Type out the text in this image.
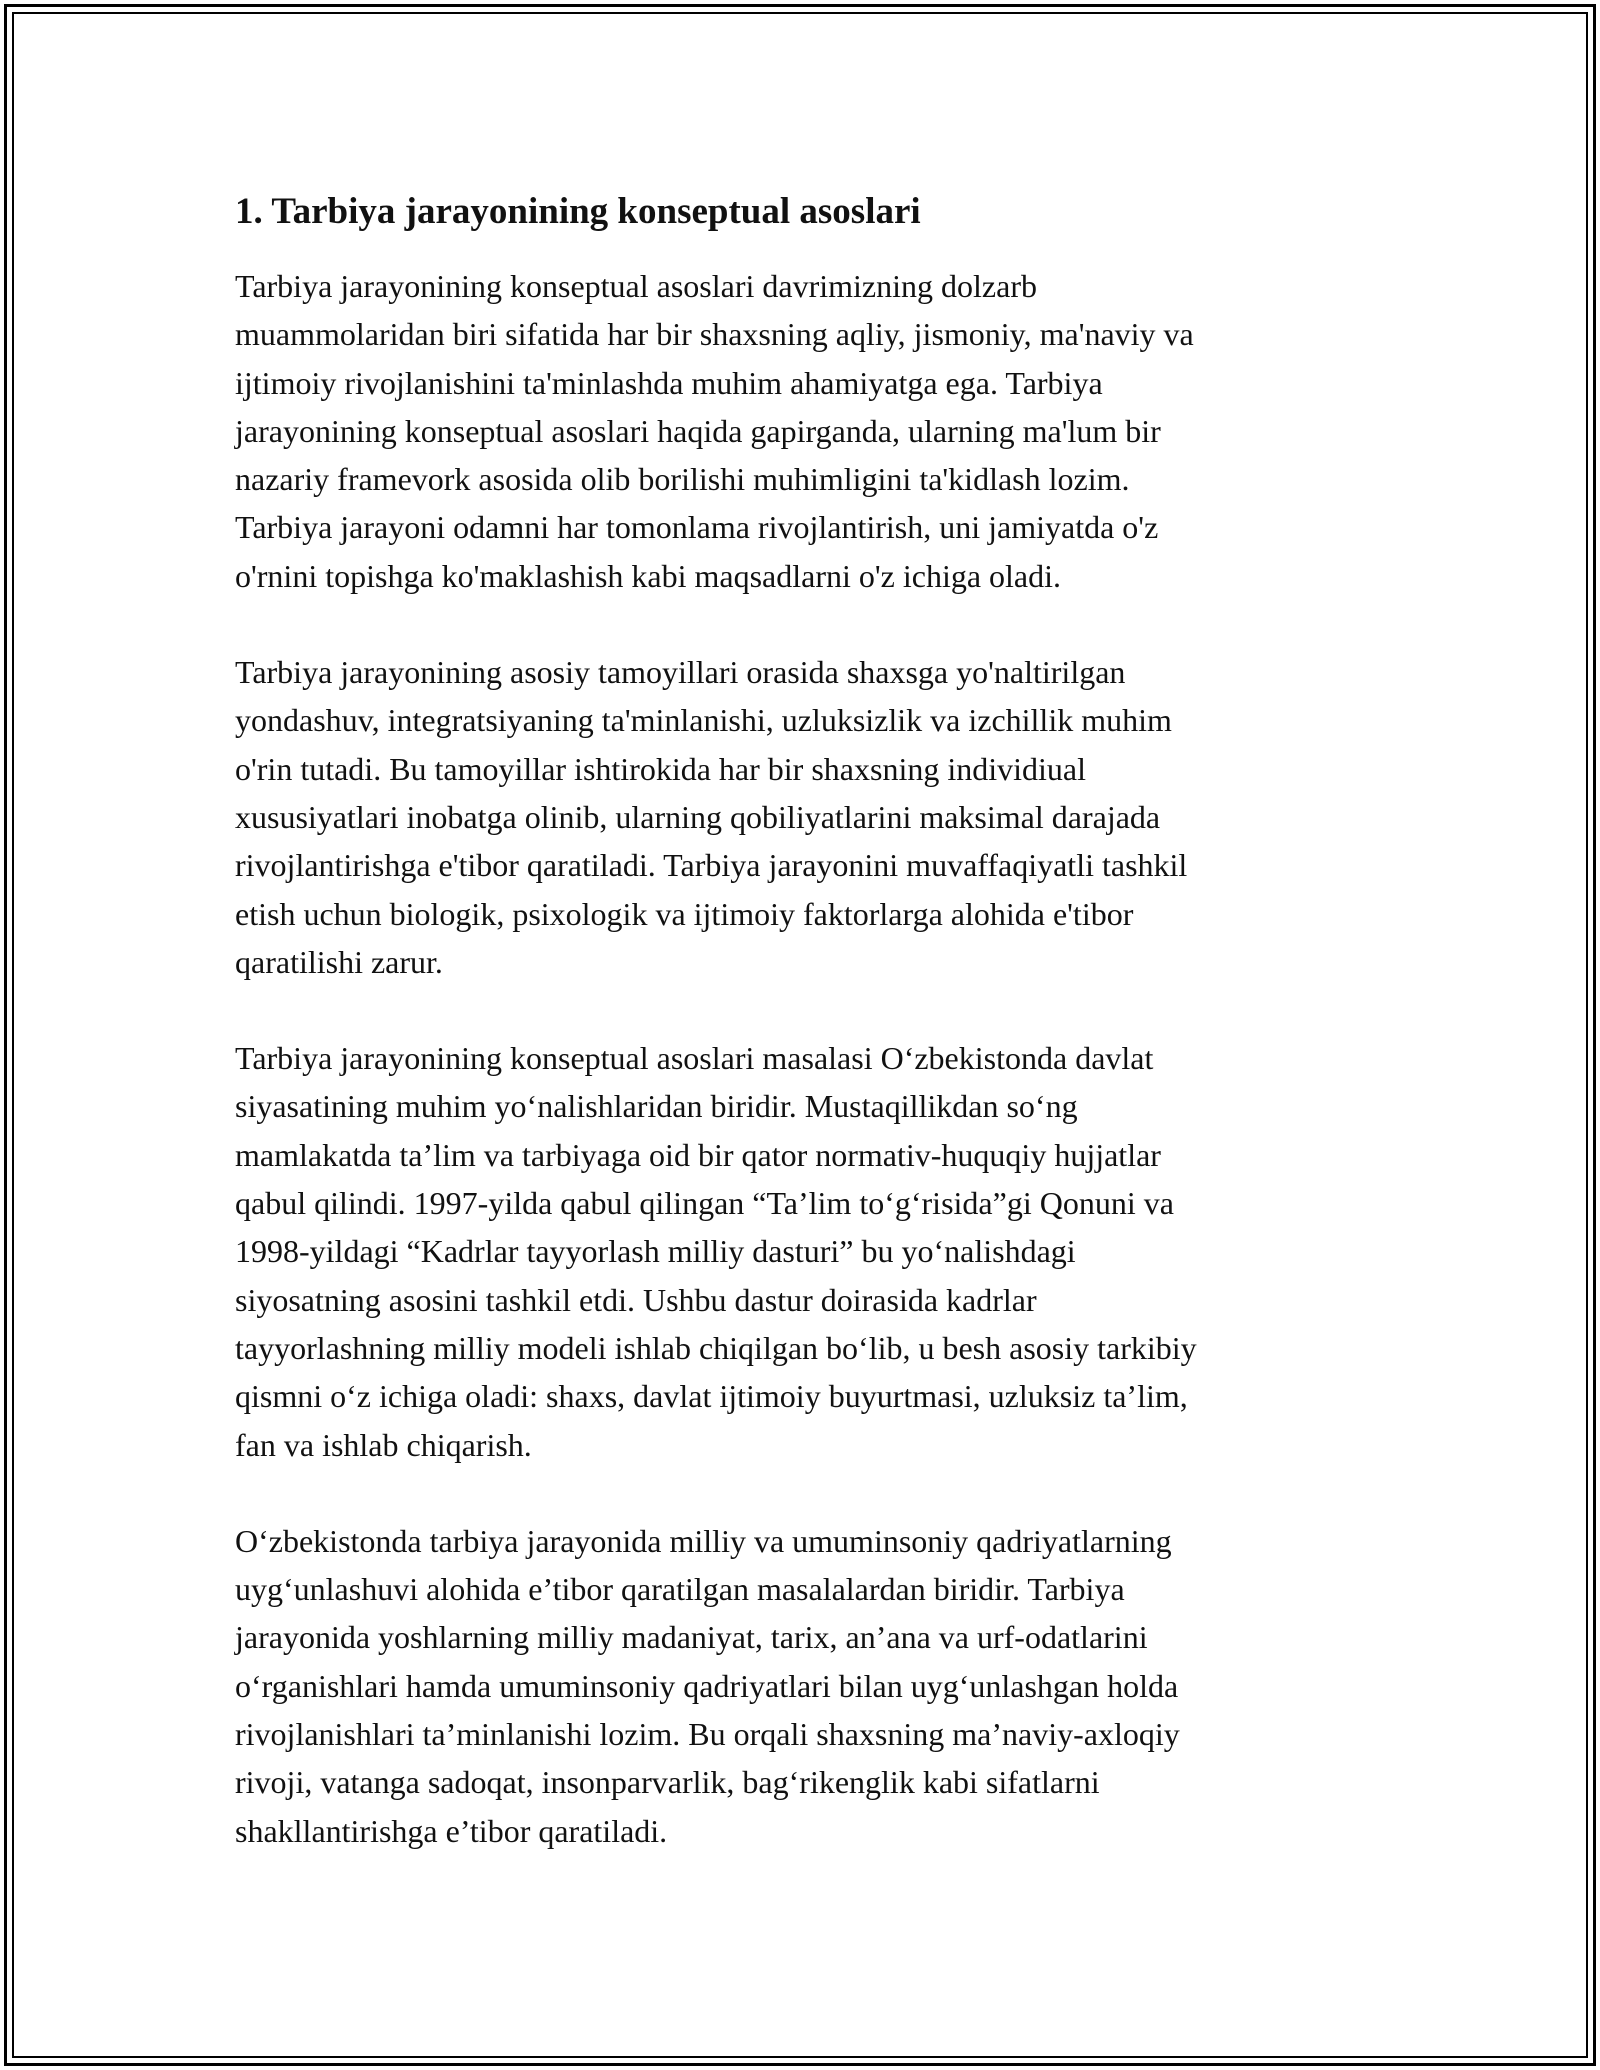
1. Tarbiya jarayonining konseptual asoslari

Tarbiya jarayonining konseptual asoslari davrimizning dolzarb
muammolaridan biri sifatida har bir shaxsning aqliy, jismoniy, ma'naviy va
ijtimoiy rivojlanishini ta'minlashda muhim ahamiyatga ega. Tarbiya
jarayonining konseptual asoslari haqida gapirganda, ularning ma'lum bir
nazariy framevork asosida olib borilishi muhimligini ta'kidlash lozim.
Tarbiya jarayoni odamni har tomonlama rivojlantirish, uni jamiyatda o'z
o'rnini topishga ko'maklashish kabi maqsadlarni o'z ichiga oladi.

Tarbiya jarayonining asosiy tamoyillari orasida shaxsga yo'naltirilgan
yondashuv, integratsiyaning ta'minlanishi, uzluksizlik va izchillik muhim
o'rin tutadi. Bu tamoyillar ishtirokida har bir shaxsning individiual
xususiyatlari inobatga olinib, ularning qobiliyatlarini maksimal darajada
rivojlantirishga e'tibor qaratiladi. Tarbiya jarayonini muvaffaqiyatli tashkil
etish uchun biologik, psixologik va ijtimoiy faktorlarga alohida e'tibor
qaratilishi zarur.

Tarbiya jarayonining konseptual asoslari masalasi O‘zbekistonda davlat
siyasatining muhim yo‘nalishlaridan biridir. Mustaqillikdan so‘ng
mamlakatda ta’lim va tarbiyaga oid bir qator normativ-huquqiy hujjatlar
qabul qilindi. 1997-yilda qabul qilingan “Ta’lim to‘g‘risida”gi Qonuni va
1998-yildagi “Kadrlar tayyorlash milliy dasturi” bu yo‘nalishdagi
siyosatning asosini tashkil etdi. Ushbu dastur doirasida kadrlar
tayyorlashning milliy modeli ishlab chiqilgan bo‘lib, u besh asosiy tarkibiy
qismni o‘z ichiga oladi: shaxs, davlat ijtimoiy buyurtmasi, uzluksiz ta’lim,
fan va ishlab chiqarish.

O‘zbekistonda tarbiya jarayonida milliy va umuminsoniy qadriyatlarning
uyg‘unlashuvi alohida e’tibor qaratilgan masalalardan biridir. Tarbiya
jarayonida yoshlarning milliy madaniyat, tarix, an’ana va urf-odatlarini
o‘rganishlari hamda umuminsoniy qadriyatlari bilan uyg‘unlashgan holda
rivojlanishlari ta’minlanishi lozim. Bu orqali shaxsning ma’naviy-axloqiy
rivoji, vatanga sadoqat, insonparvarlik, bag‘rikenglik kabi sifatlarni
shakllantirishga e’tibor qaratiladi.
